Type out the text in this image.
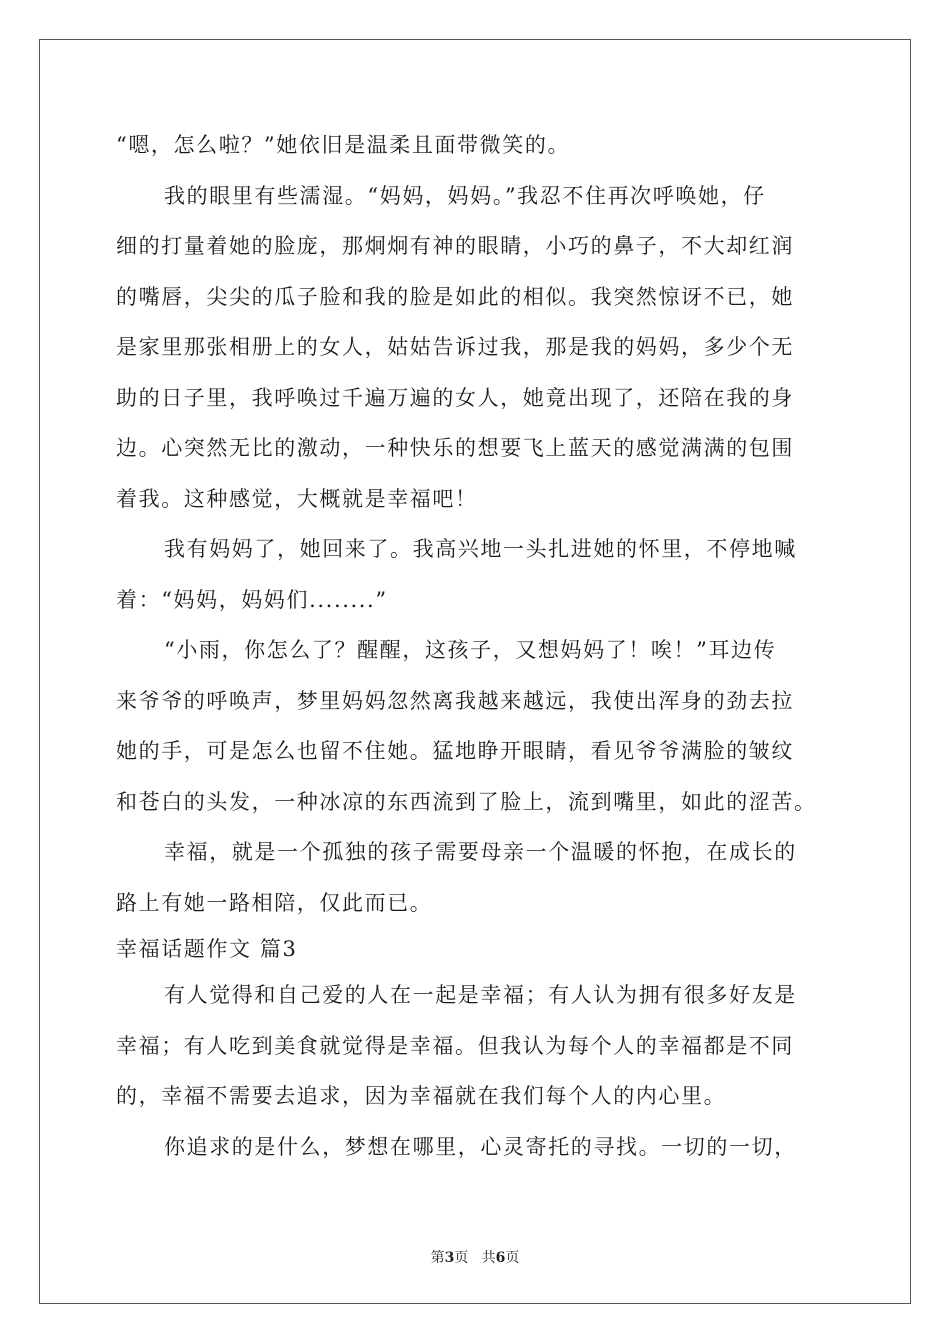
“嗯，怎么啦？”她依旧是温柔且面带微笑的。
我的眼里有些濡湿。“妈妈，妈妈。”我忍不住再次呼唤她，仔
细的打量着她的脸庞，那炯炯有神的眼睛，小巧的鼻子，不大却红润
的嘴唇，尖尖的瓜子脸和我的脸是如此的相似。我突然惊讶不已，她
是家里那张相册上的女人，姑姑告诉过我，那是我的妈妈，多少个无
助的日子里，我呼唤过千遍万遍的女人，她竟出现了，还陪在我的身
边。心突然无比的激动，一种快乐的想要飞上蓝天的感觉满满的包围
着我。这种感觉，大概就是幸福吧！
我有妈妈了，她回来了。我高兴地一头扎进她的怀里，不停地喊
着：“妈妈，妈妈们........”
“小雨，你怎么了？醒醒，这孩子，又想妈妈了！唉！”耳边传
来爷爷的呼唤声，梦里妈妈忽然离我越来越远，我使出浑身的劲去拉
她的手，可是怎么也留不住她。猛地睁开眼睛，看见爷爷满脸的皱纹
和苍白的头发，一种冰凉的东西流到了脸上，流到嘴里，如此的涩苦。
幸福，就是一个孤独的孩子需要母亲一个温暖的怀抱，在成长的
路上有她一路相陪，仅此而已。
幸福话题作文 篇3
有人觉得和自己爱的人在一起是幸福；有人认为拥有很多好友是
幸福；有人吃到美食就觉得是幸福。但我认为每个人的幸福都是不同
的，幸福不需要去追求，因为幸福就在我们每个人的内心里。
你追求的是什么，梦想在哪里，心灵寄托的寻找。一切的一切，
第3页 共6页
